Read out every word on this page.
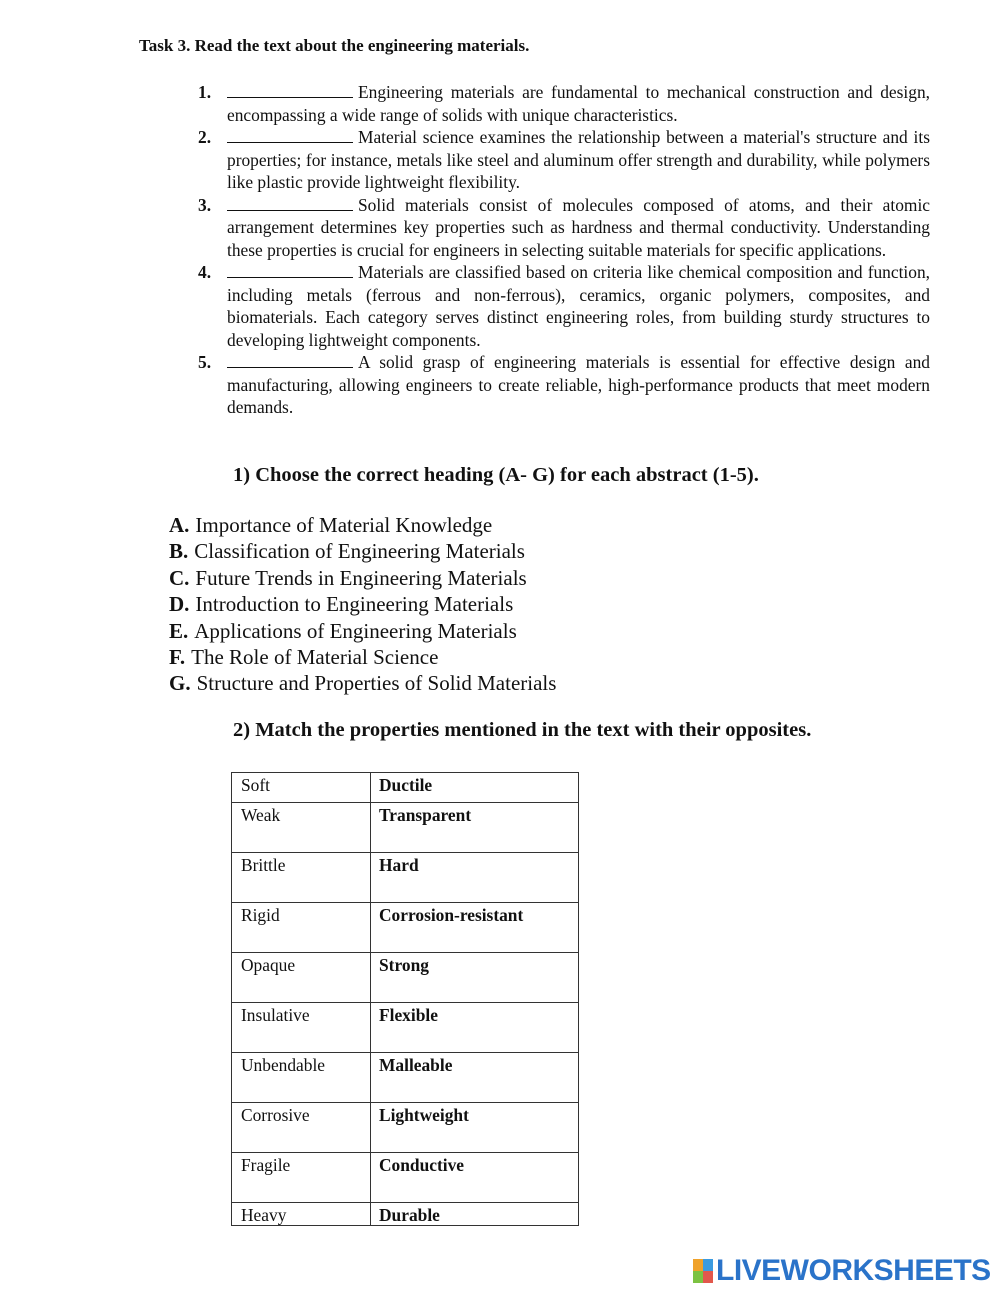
Task 3. Read the text about the engineering materials.
1.	Engineering materials are fundamental to mechanical construction and design, encompassing a wide range of solids with unique characteristics.
2.	Material science examines the relationship between a material's structure and its properties; for instance, metals like steel and aluminum offer strength and durability, while polymers like plastic provide lightweight flexibility.
3.	Solid materials consist of molecules composed of atoms, and their atomic arrangement determines key properties such as hardness and thermal conductivity. Understanding these properties is crucial for engineers in selecting suitable materials for specific applications.
4.	Materials are classified based on criteria like chemical composition and function, including metals (ferrous and non-ferrous), ceramics, organic polymers, composites, and biomaterials. Each category serves distinct engineering roles, from building sturdy structures to developing lightweight components.
5.	A solid grasp of engineering materials is essential for effective design and manufacturing, allowing engineers to create reliable, high-performance products that meet modern demands.
1) Choose the correct heading (A- G) for each abstract (1-5).
A. Importance of Material Knowledge
B. Classification of Engineering Materials
C. Future Trends in Engineering Materials
D. Introduction to Engineering Materials
E. Applications of Engineering Materials
F. The Role of Material Science
G. Structure and Properties of Solid Materials
2) Match the properties mentioned in the text with their opposites.
Soft	Ductile
Weak	Transparent
Brittle	Hard
Rigid	Corrosion-resistant
Opaque	Strong
Insulative	Flexible
Unbendable	Malleable
Corrosive	Lightweight
Fragile	Conductive
Heavy	Durable
LIVEWORKSHEETS
